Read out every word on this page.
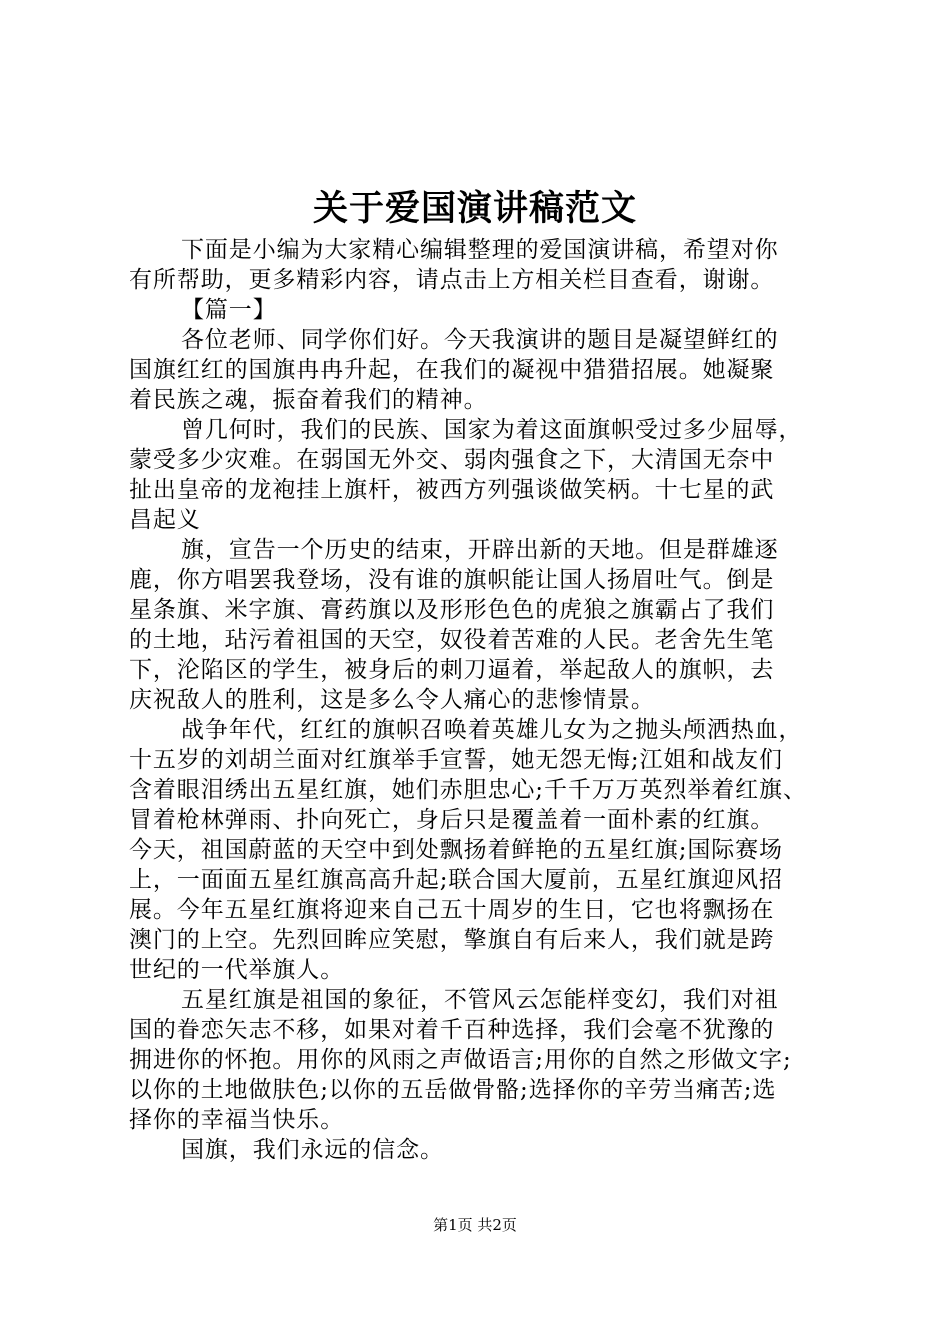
关于爱国演讲稿范文
下面是小编为大家精心编辑整理的爱国演讲稿，希望对你
有所帮助，更多精彩内容，请点击上方相关栏目查看，谢谢。
【篇一】
各位老师、同学你们好。今天我演讲的题目是凝望鲜红的
国旗红红的国旗冉冉升起，在我们的凝视中猎猎招展。她凝聚
着民族之魂，振奋着我们的精神。
曾几何时，我们的民族、国家为着这面旗帜受过多少屈辱，
蒙受多少灾难。在弱国无外交、弱肉强食之下，大清国无奈中
扯出皇帝的龙袍挂上旗杆，被西方列强谈做笑柄。十七星的武
昌起义
旗，宣告一个历史的结束，开辟出新的天地。但是群雄逐
鹿，你方唱罢我登场，没有谁的旗帜能让国人扬眉吐气。倒是
星条旗、米字旗、膏药旗以及形形色色的虎狼之旗霸占了我们
的土地，玷污着祖国的天空，奴役着苦难的人民。老舍先生笔
下，沦陷区的学生，被身后的刺刀逼着，举起敌人的旗帜，去
庆祝敌人的胜利，这是多么令人痛心的悲惨情景。
战争年代，红红的旗帜召唤着英雄儿女为之抛头颅洒热血，
十五岁的刘胡兰面对红旗举手宣誓，她无怨无悔;江姐和战友们
含着眼泪绣出五星红旗，她们赤胆忠心;千千万万英烈举着红旗、
冒着枪林弹雨、扑向死亡，身后只是覆盖着一面朴素的红旗。
今天，祖国蔚蓝的天空中到处飘扬着鲜艳的五星红旗;国际赛场
上，一面面五星红旗高高升起;联合国大厦前，五星红旗迎风招
展。今年五星红旗将迎来自己五十周岁的生日，它也将飘扬在
澳门的上空。先烈回眸应笑慰，擎旗自有后来人，我们就是跨
世纪的一代举旗人。
五星红旗是祖国的象征，不管风云怎能样变幻，我们对祖
国的眷恋矢志不移，如果对着千百种选择，我们会毫不犹豫的
拥进你的怀抱。用你的风雨之声做语言;用你的自然之形做文字;
以你的土地做肤色;以你的五岳做骨骼;选择你的辛劳当痛苦;选
择你的幸福当快乐。
国旗，我们永远的信念。
第1页 共2页
